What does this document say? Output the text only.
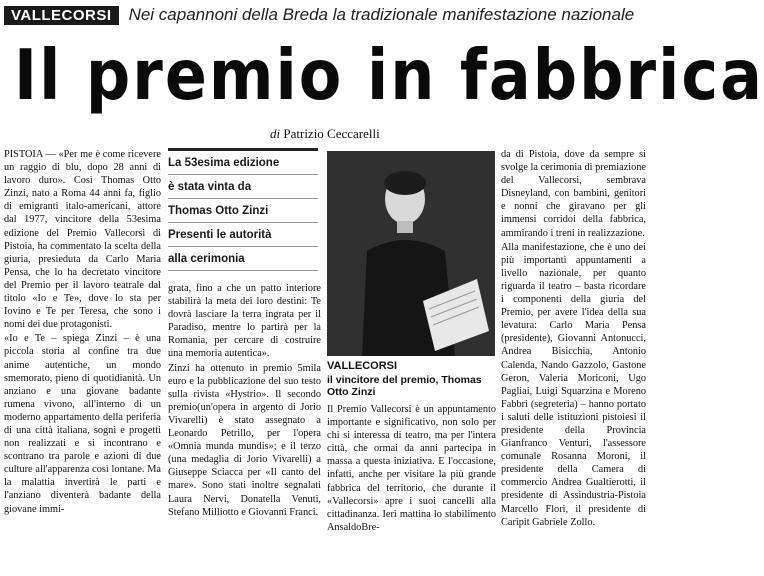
VALLECORSI	Nei capannoni della Breda la tradizionale manifestazione nazionale
Il premio in fabbrica
di Patrizio Ceccarelli

PISTOIA — «Per me è come ricevere un raggio di blu, dopo 28 anni di lavoro duro». Così Thomas Otto Zinzi, nato a Roma 44 anni fa, figlio di emigranti italo-americani, attore dal 1977, vincitore della 53esima edizione del Premio Vallecorsi di Pistoia, ha commentato la scelta della giuria, presieduta da Carlo Maria Pensa, che lo ha decretato vincitore del Premio per il lavoro teatrale dal titolo «Io e Te», dove lo sta per Iovino e Te per Teresa, che sono i nomi dei due protagonisti.

«Io e Te – spiega Zinzi – è una piccola storia al confine tra due anime autentiche, un mondo smemorato, pieno di quotidianità. Un anziano e una giovane badante rumena vivono, all'interno di un moderno appartamento della periferia di una città italiana, sogni e progetti non realizzati e si incontrano e scontrano tra parole e azioni di due culture all'apparenza così lontane. Ma la malattia invertirà le parti e l'anziano diventerà badante della giovane immi-

La 53esima edizione
è stata vinta da
Thomas Otto Zinzi
Presenti le autorità
alla cerimonia

grata, fino a che un patto interiore stabilirà la meta dei loro destini: Te dovrà lasciare la terra ingrata per il Paradiso, mentre lo partirà per la Romania, per cercare di costruire una memoria autentica».

Zinzi ha ottenuto in premio 5mila euro e la pubblicazione del suo testo sulla rivista «Hystrio». Il secondo premio(un'opera in argento di Jorio Vivarelli) è stato assegnato a Leonardo Petrillo, per l'opera «Omnia munda mundis»; e il terzo (una medaglia di Jorio Vivarelli) a Giuseppe Sciacca per «Il canto del mare». Sono stati inoltre segnalati Laura Nervi, Donatella Venuti, Stefano Milliotto e Giovanni Franci.

VALLECORSI
il vincitore del premio, Thomas Otto Zinzi

Il Premio Vallecorsi è un appuntamento importante e significativo, non solo per chi si interessa di teatro, ma per l'intera città, che ormai da anni partecipa in massa a questa iniziativa. E l'occasione, infatti, anche per visitare la più grande fabbrica del territorio, che durante il «Vallecorsi» apre i suoi cancelli alla cittadinanza. Ieri mattina lo stabilimento AnsaldoBre-

da di Pistoia, dove da sempre si svolge la cerimonia di premiazione del Vallecorsi, sembrava Disneyland, con bambini, genitori e nonni che giravano per gli immensi corridoi della fabbrica, ammirando i treni in realizzazione.

Alla manifestazione, che è uno dei più importanti appuntamenti a livello nazionale, per quanto riguarda il teatro – basta ricordare i componenti della giuria del Premio, per avere l'idea della sua levatura: Carlo Maria Pensa (presidente), Giovanni Antonucci, Andrea Bisicchia, Antonio Calenda, Nando Gazzolo, Gastone Geron, Valeria Moriconi, Ugo Pagliai, Luigi Squarzina e Moreno Fabbri (segreteria) – hanno portato i saluti delle istituzioni pistoiesi il presidente della Provincia Gianfranco Venturi, l'assessore comunale Rosanna Moroni, il presidente della Camera di commercio Andrea Gualtierotti, il presidente di Assindustria-Pistoia Marcello Flori, il presidente di Caripit Gabriele Zollo.
